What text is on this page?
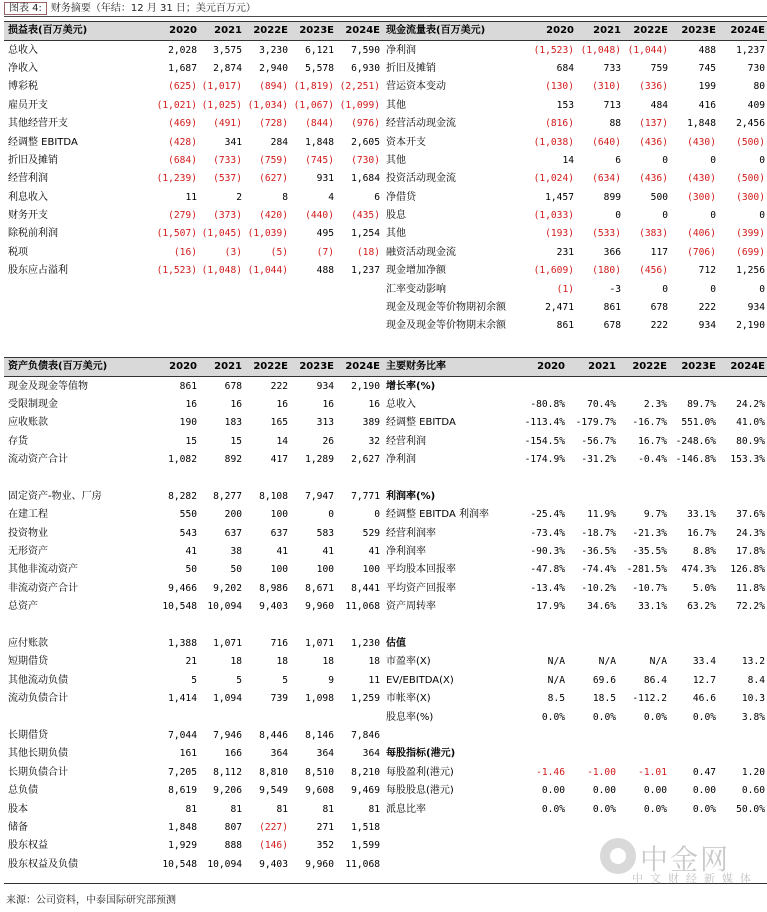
图表 4: 财务摘要（年结：12 月 31 日；美元百万元）
损益表(百万美元)	2020	2021	2022E	2023E	2024E
总收入	2,028	3,575	3,230	6,121	7,590
净收入	1,687	2,874	2,940	5,578	6,930
博彩税	(625)	(1,017)	(894)	(1,819)	(2,251)
雇员开支	(1,021)	(1,025)	(1,034)	(1,067)	(1,099)
其他经营开支	(469)	(491)	(728)	(844)	(976)
经调整 EBITDA	(428)	341	284	1,848	2,605
折旧及摊销	(684)	(733)	(759)	(745)	(730)
经营利润	(1,239)	(537)	(627)	931	1,684
利息收入	11	2	8	4	6
财务开支	(279)	(373)	(420)	(440)	(435)
除税前利润	(1,507)	(1,045)	(1,039)	495	1,254
税项	(16)	(3)	(5)	(7)	(18)
股东应占溢利	(1,523)	(1,048)	(1,044)	488	1,237
现金流量表(百万美元)	2020	2021	2022E	2023E	2024E
净利润	(1,523)	(1,048)	(1,044)	488	1,237
折旧及摊销	684	733	759	745	730
营运资本变动	(130)	(310)	(336)	199	80
其他	153	713	484	416	409
经营活动现金流	(816)	88	(137)	1,848	2,456
资本开支	(1,038)	(640)	(436)	(430)	(500)
其他	14	6	0	0	0
投资活动现金流	(1,024)	(634)	(436)	(430)	(500)
净借贷	1,457	899	500	(300)	(300)
股息	(1,033)	0	0	0	0
其他	(193)	(533)	(383)	(406)	(399)
融资活动现金流	231	366	117	(706)	(699)
现金增加净额	(1,609)	(180)	(456)	712	1,256
汇率变动影响	(1)	-3	0	0	0
现金及现金等价物期初余额	2,471	861	678	222	934
现金及现金等价物期末余额	861	678	222	934	2,190
资产负债表(百万美元)	2020	2021	2022E	2023E	2024E
现金及现金等值物	861	678	222	934	2,190
受限制现金	16	16	16	16	16
应收账款	190	183	165	313	389
存货	15	15	14	26	32
流动资产合计	1,082	892	417	1,289	2,627

固定资产-物业、厂房	8,282	8,277	8,108	7,947	7,771
在建工程	550	200	100	0	0
投资物业	543	637	637	583	529
无形资产	41	38	41	41	41
其他非流动资产	50	50	100	100	100
非流动资产合计	9,466	9,202	8,986	8,671	8,441
总资产	10,548	10,094	9,403	9,960	11,068

应付账款	1,388	1,071	716	1,071	1,230
短期借贷	21	18	18	18	18
其他流动负债	5	5	5	9	11
流动负债合计	1,414	1,094	739	1,098	1,259

长期借贷	7,044	7,946	8,446	8,146	7,846
其他长期负债	161	166	364	364	364
长期负债合计	7,205	8,112	8,810	8,510	8,210
总负债	8,619	9,206	9,549	9,608	9,469
股本	81	81	81	81	81
储备	1,848	807	(227)	271	1,518
股东权益	1,929	888	(146)	352	1,599
股东权益及负债	10,548	10,094	9,403	9,960	11,068
主要财务比率	2020	2021	2022E	2023E	2024E
增长率(%)					
总收入	-80.8%	70.4%	2.3%	89.7%	24.2%
经调整 EBITDA	-113.4%	-179.7%	-16.7%	551.0%	41.0%
经营利润	-154.5%	-56.7%	16.7%	-248.6%	80.9%
净利润	-174.9%	-31.2%	-0.4%	-146.8%	153.3%

利润率(%)					
经调整 EBITDA 利润率	-25.4%	11.9%	9.7%	33.1%	37.6%
经营利润率	-73.4%	-18.7%	-21.3%	16.7%	24.3%
净利润率	-90.3%	-36.5%	-35.5%	8.8%	17.8%
平均股本回报率	-47.8%	-74.4%	-281.5%	474.3%	126.8%
平均资产回报率	-13.4%	-10.2%	-10.7%	5.0%	11.8%
资产周转率	17.9%	34.6%	33.1%	63.2%	72.2%

估值					
市盈率(X)	N/A	N/A	N/A	33.4	13.2
EV/EBITDA(X)	N/A	69.6	86.4	12.7	8.4
市帐率(X)	8.5	18.5	-112.2	46.6	10.3
股息率(%)	0.0%	0.0%	0.0%	0.0%	3.8%

每股指标(港元)					
每股盈利(港元)	-1.46	-1.00	-1.01	0.47	1.20
每股股息(港元)	0.00	0.00	0.00	0.00	0.60
派息比率	0.0%	0.0%	0.0%	0.0%	50.0%
来源：公司资料，中泰国际研究部预测
中金网
中文财经新媒体
